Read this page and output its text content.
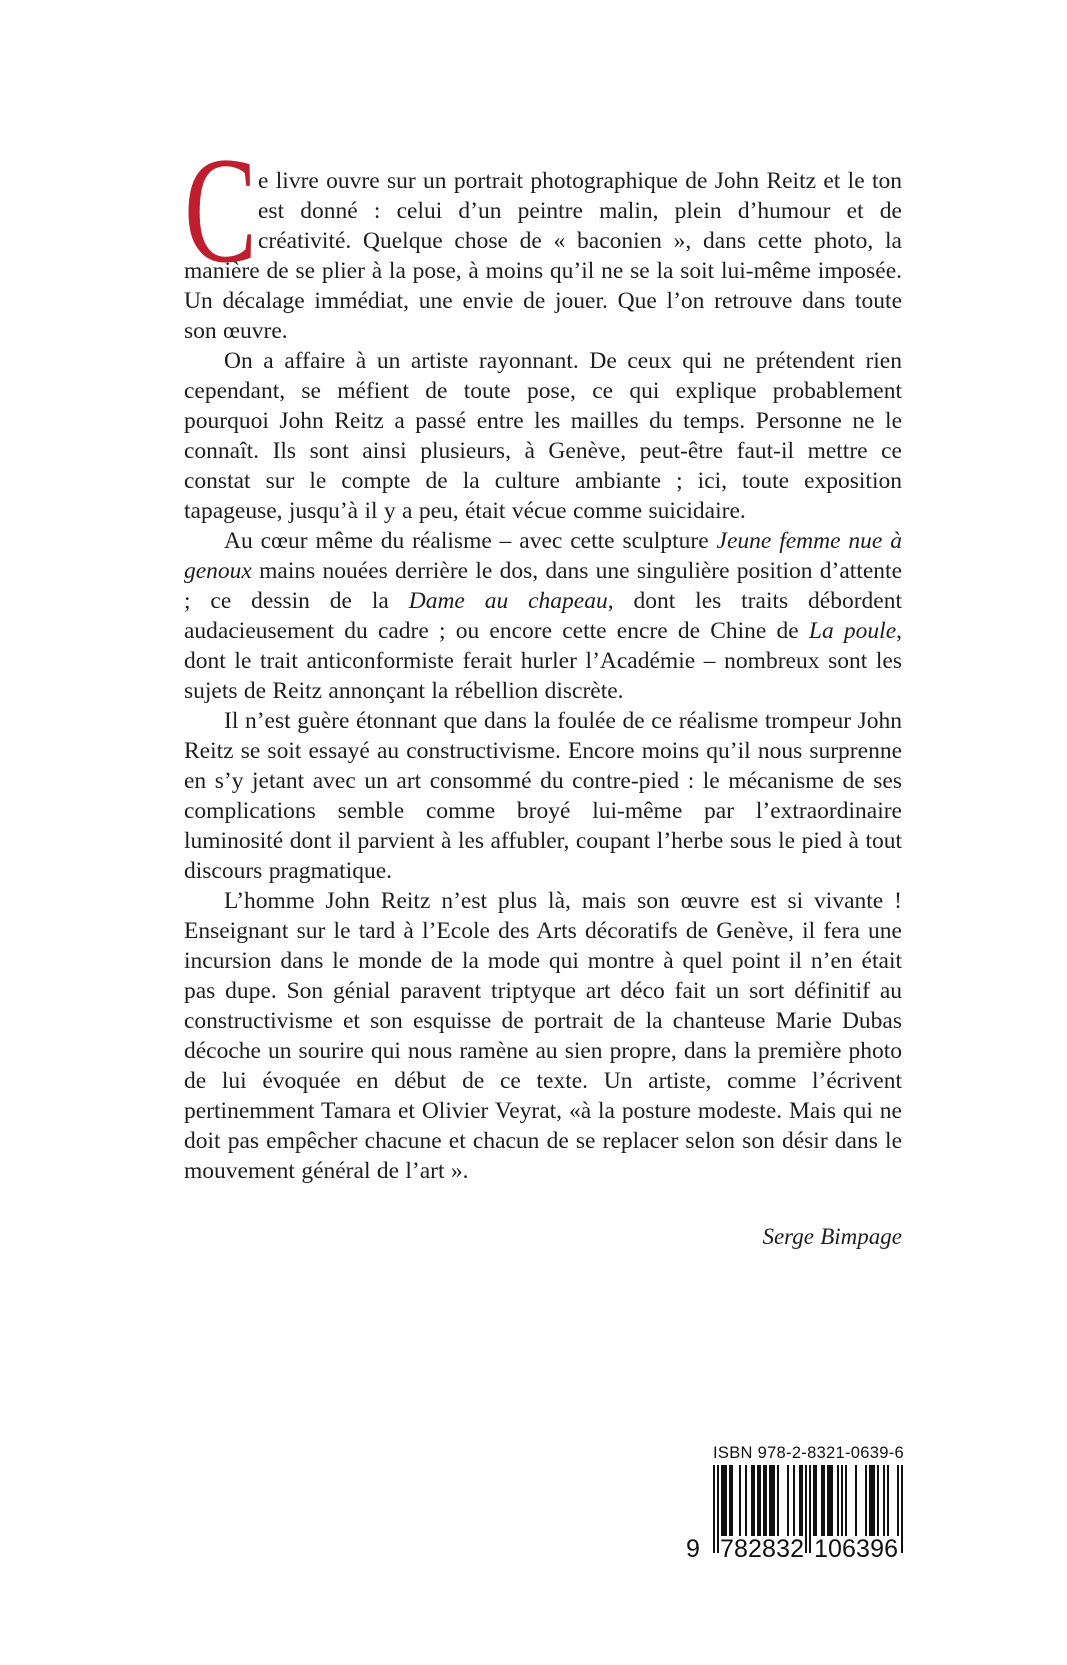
Ce livre ouvre sur un portrait photographique de John Reitz et le ton est donné : celui d’un peintre malin, plein d’humour et de créativité. Quelque chose de « baconien », dans cette photo, la manière de se plier à la pose, à moins qu’il ne se la soit lui-même imposée. Un décalage immédiat, une envie de jouer. Que l’on retrouve dans toute son œuvre.

On a affaire à un artiste rayonnant. De ceux qui ne prétendent rien cependant, se méfient de toute pose, ce qui explique probablement pourquoi John Reitz a passé entre les mailles du temps. Personne ne le connaît. Ils sont ainsi plusieurs, à Genève, peut-être faut-il mettre ce constat sur le compte de la culture ambiante ; ici, toute exposition tapageuse, jusqu’à il y a peu, était vécue comme suicidaire.

Au cœur même du réalisme – avec cette sculpture Jeune femme nue à genoux mains nouées derrière le dos, dans une singulière position d’attente ; ce dessin de la Dame au chapeau, dont les traits débordent audacieusement du cadre ; ou encore cette encre de Chine de La poule, dont le trait anticonformiste ferait hurler l’Académie – nombreux sont les sujets de Reitz annonçant la rébellion discrète.

Il n’est guère étonnant que dans la foulée de ce réalisme trompeur John Reitz se soit essayé au constructivisme. Encore moins qu’il nous surprenne en s’y jetant avec un art consommé du contre-pied : le mécanisme de ses complications semble comme broyé lui-même par l’extraordinaire luminosité dont il parvient à les affubler, coupant l’herbe sous le pied à tout discours pragmatique.

L’homme John Reitz n’est plus là, mais son œuvre est si vivante ! Enseignant sur le tard à l’Ecole des Arts décoratifs de Genève, il fera une incursion dans le monde de la mode qui montre à quel point il n’en était pas dupe. Son génial paravent triptyque art déco fait un sort définitif au constructivisme et son esquisse de portrait de la chanteuse Marie Dubas décoche un sourire qui nous ramène au sien propre, dans la première photo de lui évoquée en début de ce texte. Un artiste, comme l’écrivent pertinemment Tamara et Olivier Veyrat, «à la posture modeste. Mais qui ne doit pas empêcher chacune et chacun de se replacer selon son désir dans le mouvement général de l’art ».

Serge Bimpage

ISBN 978-2-8321-0639-6
9 7 8 2 8 3 2 1 0 6 3 9 6
